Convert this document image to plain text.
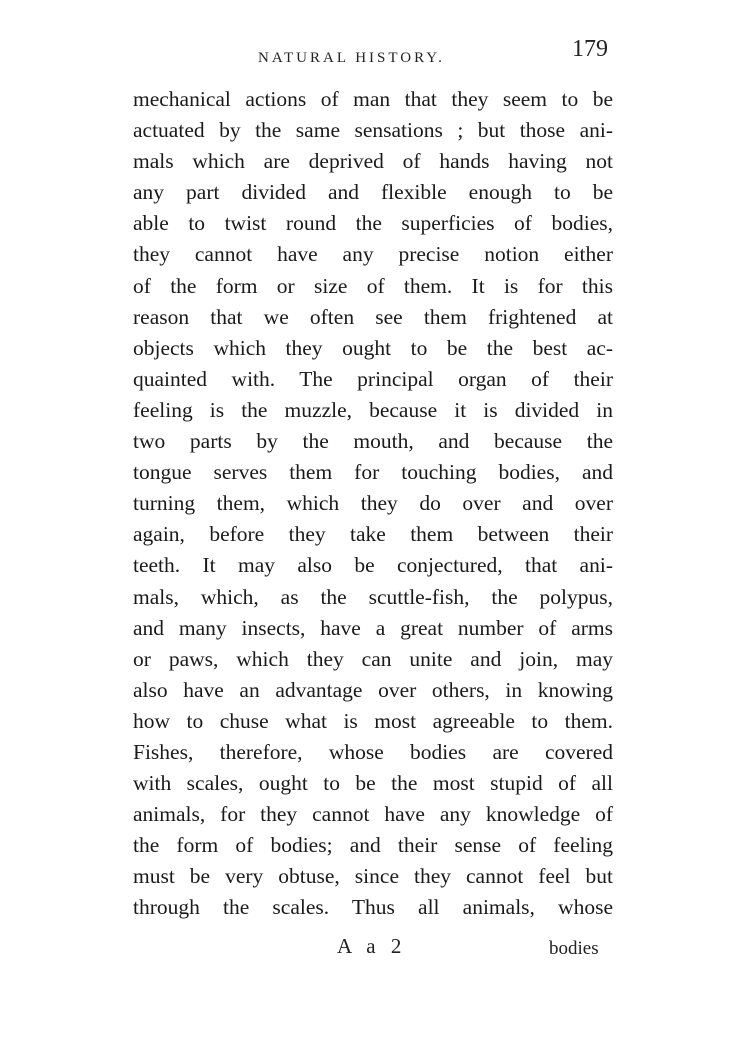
NATURAL HISTORY.	179
mechanical actions of man that they seem to be
actuated by the same sensations ; but those ani-
mals which are deprived of hands having not
any part divided and flexible enough to be
able to twist round the superficies of bodies,
they cannot have any precise notion either
of the form or size of them. It is for this
reason that we often see them frightened at
objects which they ought to be the best ac-
quainted with. The principal organ of their
feeling is the muzzle, because it is divided in
two parts by the mouth, and because the
tongue serves them for touching bodies, and
turning them, which they do over and over
again, before they take them between their
teeth. It may also be conjectured, that ani-
mals, which, as the scuttle-fish, the polypus,
and many insects, have a great number of arms
or paws, which they can unite and join, may
also have an advantage over others, in knowing
how to chuse what is most agreeable to them.
Fishes, therefore, whose bodies are covered
with scales, ought to be the most stupid of all
animals, for they cannot have any knowledge of
the form of bodies; and their sense of feeling
must be very obtuse, since they cannot feel but
through the scales. Thus all animals, whose
A a 2	bodies
